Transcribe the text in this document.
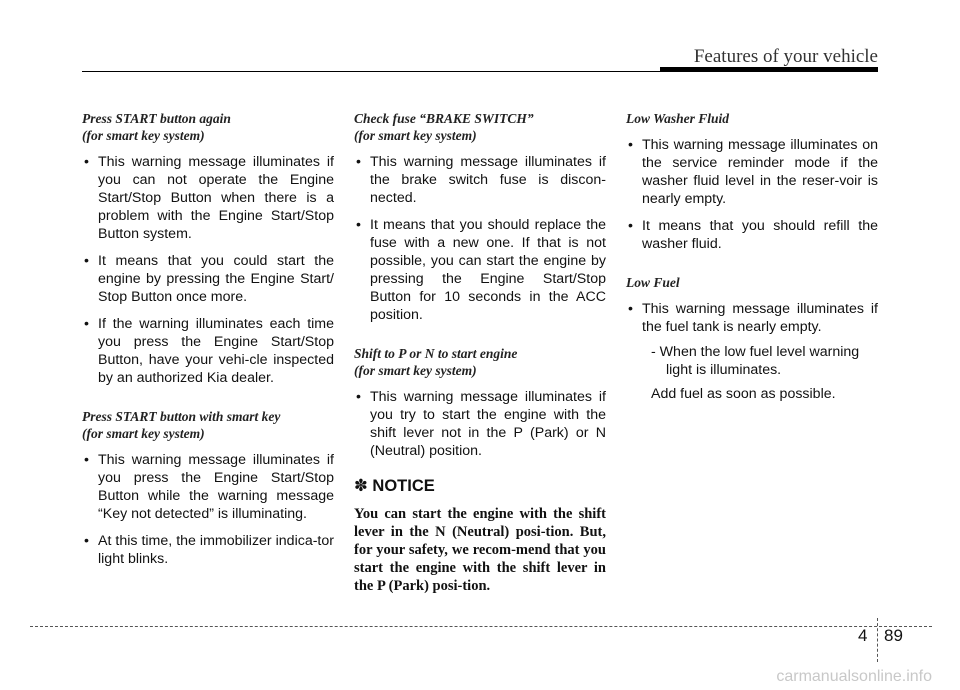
Features of your vehicle
Press START button again
(for smart key system)
• This warning message illuminates if you can not operate the Engine Start/Stop Button when there is a problem with the Engine Start/Stop Button system.
• It means that you could start the engine by pressing the Engine Start/ Stop Button once more.
• If the warning illuminates each time you press the Engine Start/Stop Button, have your vehi-cle inspected by an authorized Kia dealer.
Press START button with smart key
(for smart key system)
• This warning message illuminates if you press the Engine Start/Stop Button while the warning message “Key not detected” is illuminating.
• At this time, the immobilizer indica-tor light blinks.
Check fuse “BRAKE SWITCH”
(for smart key system)
• This warning message illuminates if the brake switch fuse is discon-nected.
• It means that you should replace the fuse with a new one. If that is not possible, you can start the engine by pressing the Engine Start/Stop Button for 10 seconds in the ACC position.
Shift to P or N to start engine
(for smart key system)
• This warning message illuminates if you try to start the engine with the shift lever not in the P (Park) or N (Neutral) position.
✽ NOTICE
You can start the engine with the shift lever in the N (Neutral) posi-tion. But, for your safety, we recom-mend that you start the engine with the shift lever in the P (Park) posi-tion.
Low Washer Fluid
• This warning message illuminates on the service reminder mode if the washer fluid level in the reser-voir is nearly empty.
• It means that you should refill the washer fluid.
Low Fuel
• This warning message illuminates if the fuel tank is nearly empty.
- When the low fuel level warning light is illuminates.
Add fuel as soon as possible.
4 89
carmanualsonline.info
